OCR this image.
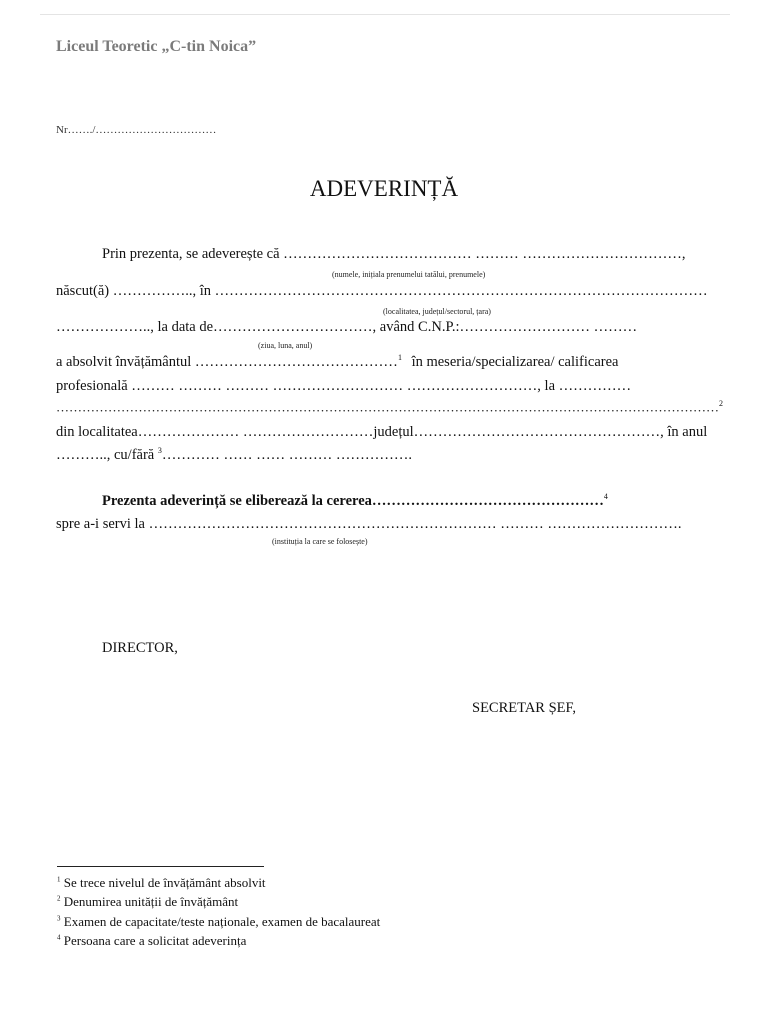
Liceul Teoretic „C-tin Noica”
Nr……./……………………………
ADEVERINȚĂ
Prin prezenta, se adeverește că ………………………………… ……… ……………………………,
(numele, inițiala prenumelui tatălui, prenumele)
născut(ă) …………….., în …………………………………………………………………………………………
(localitatea, județul/sectorul, țara)
……………….., la data de……………………………, având C.N.P.:……………………… ………
(ziua, luna, anul)
a absolvit învățământul ……………………………………$^1$ în meseria/specializarea/ calificarea
profesională ……… ……… ……… ……………………… ………………………, la ……………
………………………………………………………………………………………………………………………………………$^2$
din localitatea………………… ………………………județul……………………………………………, în anul
……….., cu/fără $^3$………… …… …… ……… …………….
Prezenta adeverință se eliberează la cererea…………………………………………$^4$
spre a-i servi la ……………………………………………………………… ……… ……………………….
(instituția la care se folosește)
DIRECTOR,
SECRETAR ȘEF,
$^1$ Se trece nivelul de învățământ absolvit
$^2$ Denumirea unității de învățământ
$^3$ Examen de capacitate/teste naționale, examen de bacalaureat
$^4$ Persoana care a solicitat adeverința
